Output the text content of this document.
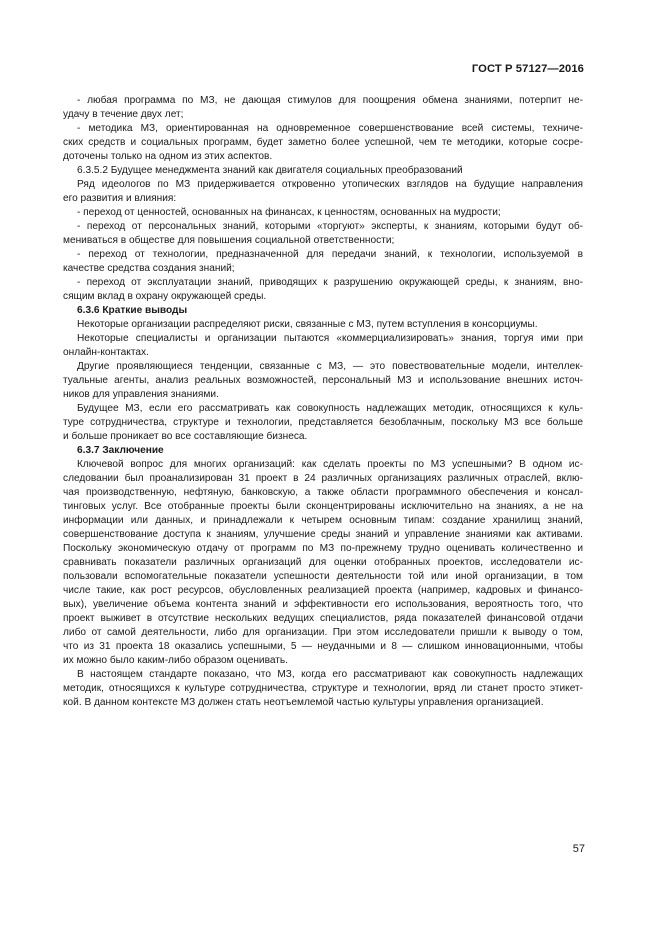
ГОСТ Р 57127—2016
- любая программа по МЗ, не дающая стимулов для поощрения обмена знаниями, потерпит не-
удачу в течение двух лет;
- методика МЗ, ориентированная на одновременное совершенствование всей системы, техниче-
ских средств и социальных программ, будет заметно более успешной, чем те методики, которые сосре-
доточены только на одном из этих аспектов.
6.3.5.2 Будущее менеджмента знаний как двигателя социальных преобразований
Ряд идеологов по МЗ придерживается откровенно утопических взглядов на будущие направления
его развития и влияния:
- переход от ценностей, основанных на финансах, к ценностям, основанных на мудрости;
- переход от персональных знаний, которыми «торгуют» эксперты, к знаниям, которыми будут об-
мениваться в обществе для повышения социальной ответственности;
- переход от технологии, предназначенной для передачи знаний, к технологии, используемой в
качестве средства создания знаний;
- переход от эксплуатации знаний, приводящих к разрушению окружающей среды, к знаниям, вно-
сящим вклад в охрану окружающей среды.
6.3.6 Краткие выводы
Некоторые организации распределяют риски, связанные с МЗ, путем вступления в консорциумы.
Некоторые специалисты и организации пытаются «коммерциализировать» знания, торгуя ими при
онлайн-контактах.
Другие проявляющиеся тенденции, связанные с МЗ, — это повествовательные модели, интеллек-
туальные агенты, анализ реальных возможностей, персональный МЗ и использование внешних источ-
ников для управления знаниями.
Будущее МЗ, если его рассматривать как совокупность надлежащих методик, относящихся к куль-
туре сотрудничества, структуре и технологии, представляется безоблачным, поскольку МЗ все больше
и больше проникает во все составляющие бизнеса.
6.3.7 Заключение
Ключевой вопрос для многих организаций: как сделать проекты по МЗ успешными? В одном ис-
следовании был проанализирован 31 проект в 24 различных организациях различных отраслей, вклю-
чая производственную, нефтяную, банковскую, а также области программного обеспечения и консал-
тинговых услуг. Все отобранные проекты были сконцентрированы исключительно на знаниях, а не на
информации или данных, и принадлежали к четырем основным типам: создание хранилищ знаний,
совершенствование доступа к знаниям, улучшение среды знаний и управление знаниями как активами.
Поскольку экономическую отдачу от программ по МЗ по-прежнему трудно оценивать количественно и
сравнивать показатели различных организаций для оценки отобранных проектов, исследователи ис-
пользовали вспомогательные показатели успешности деятельности той или иной организации, в том
числе такие, как рост ресурсов, обусловленных реализацией проекта (например, кадровых и финансо-
вых), увеличение объема контента знаний и эффективности его использования, вероятность того, что
проект выживет в отсутствие нескольких ведущих специалистов, ряда показателей финансовой отдачи
либо от самой деятельности, либо для организации. При этом исследователи пришли к выводу о том,
что из 31 проекта 18 оказались успешными, 5 — неудачными и 8 — слишком инновационными, чтобы
их можно было каким-либо образом оценивать.
В настоящем стандарте показано, что МЗ, когда его рассматривают как совокупность надлежащих
методик, относящихся к культуре сотрудничества, структуре и технологии, вряд ли станет просто этикет-
кой. В данном контексте МЗ должен стать неотъемлемой частью культуры управления организацией.
57
